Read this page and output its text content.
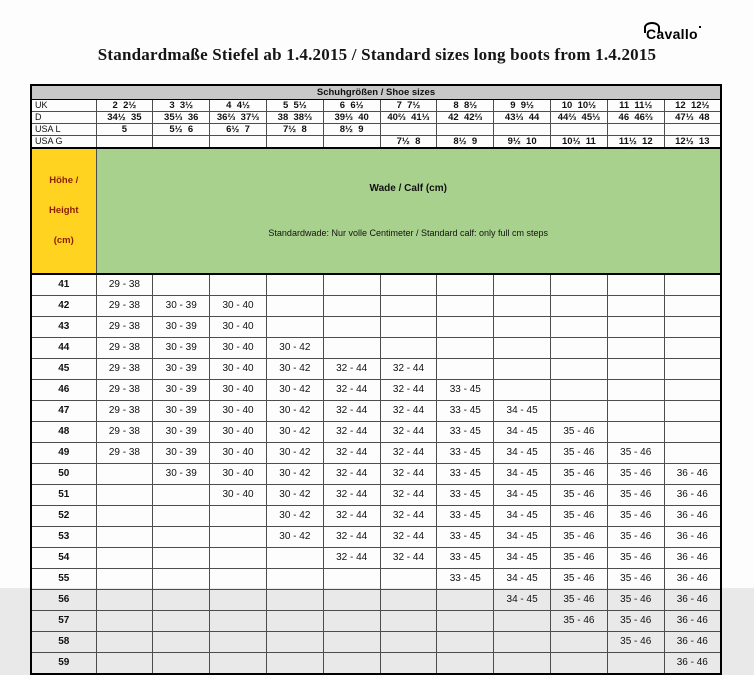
Cavallo
Standardmaße Stiefel ab 1.4.2015 / Standard sizes long boots from 1.4.2015
Schuhgrößen / Shoe sizes											
UK	2  2½	3  3½	4  4½	5  5½	6  6½	7  7½	8  8½	9  9½	10  10½	11  11½	12  12½
D	34½  35	35⅓  36	36⅔  37⅓	38  38⅔	39⅓  40	40⅔  41⅓	42  42⅔	43⅓  44	44⅔  45⅓	46  46⅔	47⅓  48
USA L	5	5½  6	6½  7	7½  8	8½  9						
USA G						7½  8	8½  9	9½  10	10½  11	11½  12	12½  13

Höhe /

Height

(cm)

Wade / Calf (cm)

Standardwade: Nur volle Centimeter / Standard calf: only full cm steps

41	29 - 38										
42	29 - 38	30 - 39	30 - 40								
43	29 - 38	30 - 39	30 - 40								
44	29 - 38	30 - 39	30 - 40	30 - 42							
45	29 - 38	30 - 39	30 - 40	30 - 42	32 - 44	32 - 44					
46	29 - 38	30 - 39	30 - 40	30 - 42	32 - 44	32 - 44	33 - 45				
47	29 - 38	30 - 39	30 - 40	30 - 42	32 - 44	32 - 44	33 - 45	34 - 45			
48	29 - 38	30 - 39	30 - 40	30 - 42	32 - 44	32 - 44	33 - 45	34 - 45	35 - 46		
49	29 - 38	30 - 39	30 - 40	30 - 42	32 - 44	32 - 44	33 - 45	34 - 45	35 - 46	35 - 46	
50		30 - 39	30 - 40	30 - 42	32 - 44	32 - 44	33 - 45	34 - 45	35 - 46	35 - 46	36 - 46
51			30 - 40	30 - 42	32 - 44	32 - 44	33 - 45	34 - 45	35 - 46	35 - 46	36 - 46
52				30 - 42	32 - 44	32 - 44	33 - 45	34 - 45	35 - 46	35 - 46	36 - 46
53				30 - 42	32 - 44	32 - 44	33 - 45	34 - 45	35 - 46	35 - 46	36 - 46
54					32 - 44	32 - 44	33 - 45	34 - 45	35 - 46	35 - 46	36 - 46
55							33 - 45	34 - 45	35 - 46	35 - 46	36 - 46
56								34 - 45	35 - 46	35 - 46	36 - 46
57									35 - 46	35 - 46	36 - 46
58										35 - 46	36 - 46
59											36 - 46
